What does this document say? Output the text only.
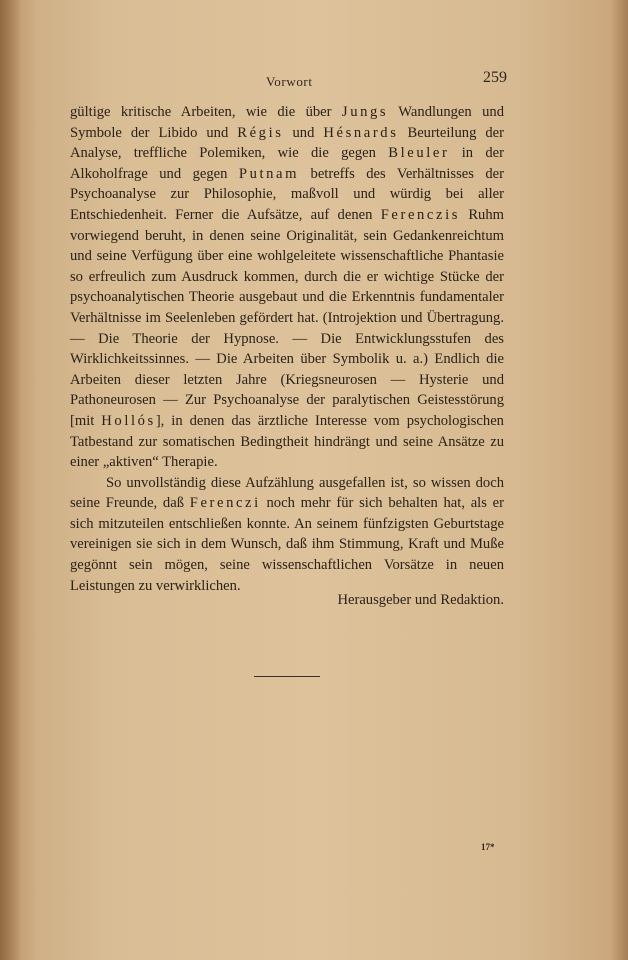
Vorwort	259

gültige kritische Arbeiten, wie die über Jungs Wandlungen und Symbole der Libido und Régis und Hésnards Beurteilung der Analyse, treffliche Polemiken, wie die gegen Bleuler in der Alkoholfrage und gegen Putnam betreffs des Verhältnisses der Psychoanalyse zur Philosophie, maßvoll und würdig bei aller Entschiedenheit. Ferner die Aufsätze, auf denen Ferenczis Ruhm vorwiegend beruht, in denen seine Originalität, sein Gedankenreichtum und seine Verfügung über eine wohlgeleitete wissenschaftliche Phantasie so erfreulich zum Ausdruck kommen, durch die er wichtige Stücke der psychoanalytischen Theorie ausgebaut und die Erkenntnis fundamentaler Verhältnisse im Seelenleben gefördert hat. (Introjektion und Übertragung. — Die Theorie der Hypnose. — Die Entwicklungsstufen des Wirklichkeitssinnes. — Die Arbeiten über Symbolik u. a.) Endlich die Arbeiten dieser letzten Jahre (Kriegsneurosen — Hysterie und Pathoneurosen — Zur Psychoanalyse der paralytischen Geistesstörung [mit Hollós], in denen das ärztliche Interesse vom psychologischen Tatbestand zur somatischen Bedingtheit hindrängt und seine Ansätze zu einer „aktiven“ Therapie.

So unvollständig diese Aufzählung ausgefallen ist, so wissen doch seine Freunde, daß Ferenczi noch mehr für sich behalten hat, als er sich mitzuteilen entschließen konnte. An seinem fünfzigsten Geburtstage vereinigen sie sich in dem Wunsch, daß ihm Stimmung, Kraft und Muße gegönnt sein mögen, seine wissenschaftlichen Vorsätze in neuen Leistungen zu verwirklichen.

Herausgeber und Redaktion.
17*
